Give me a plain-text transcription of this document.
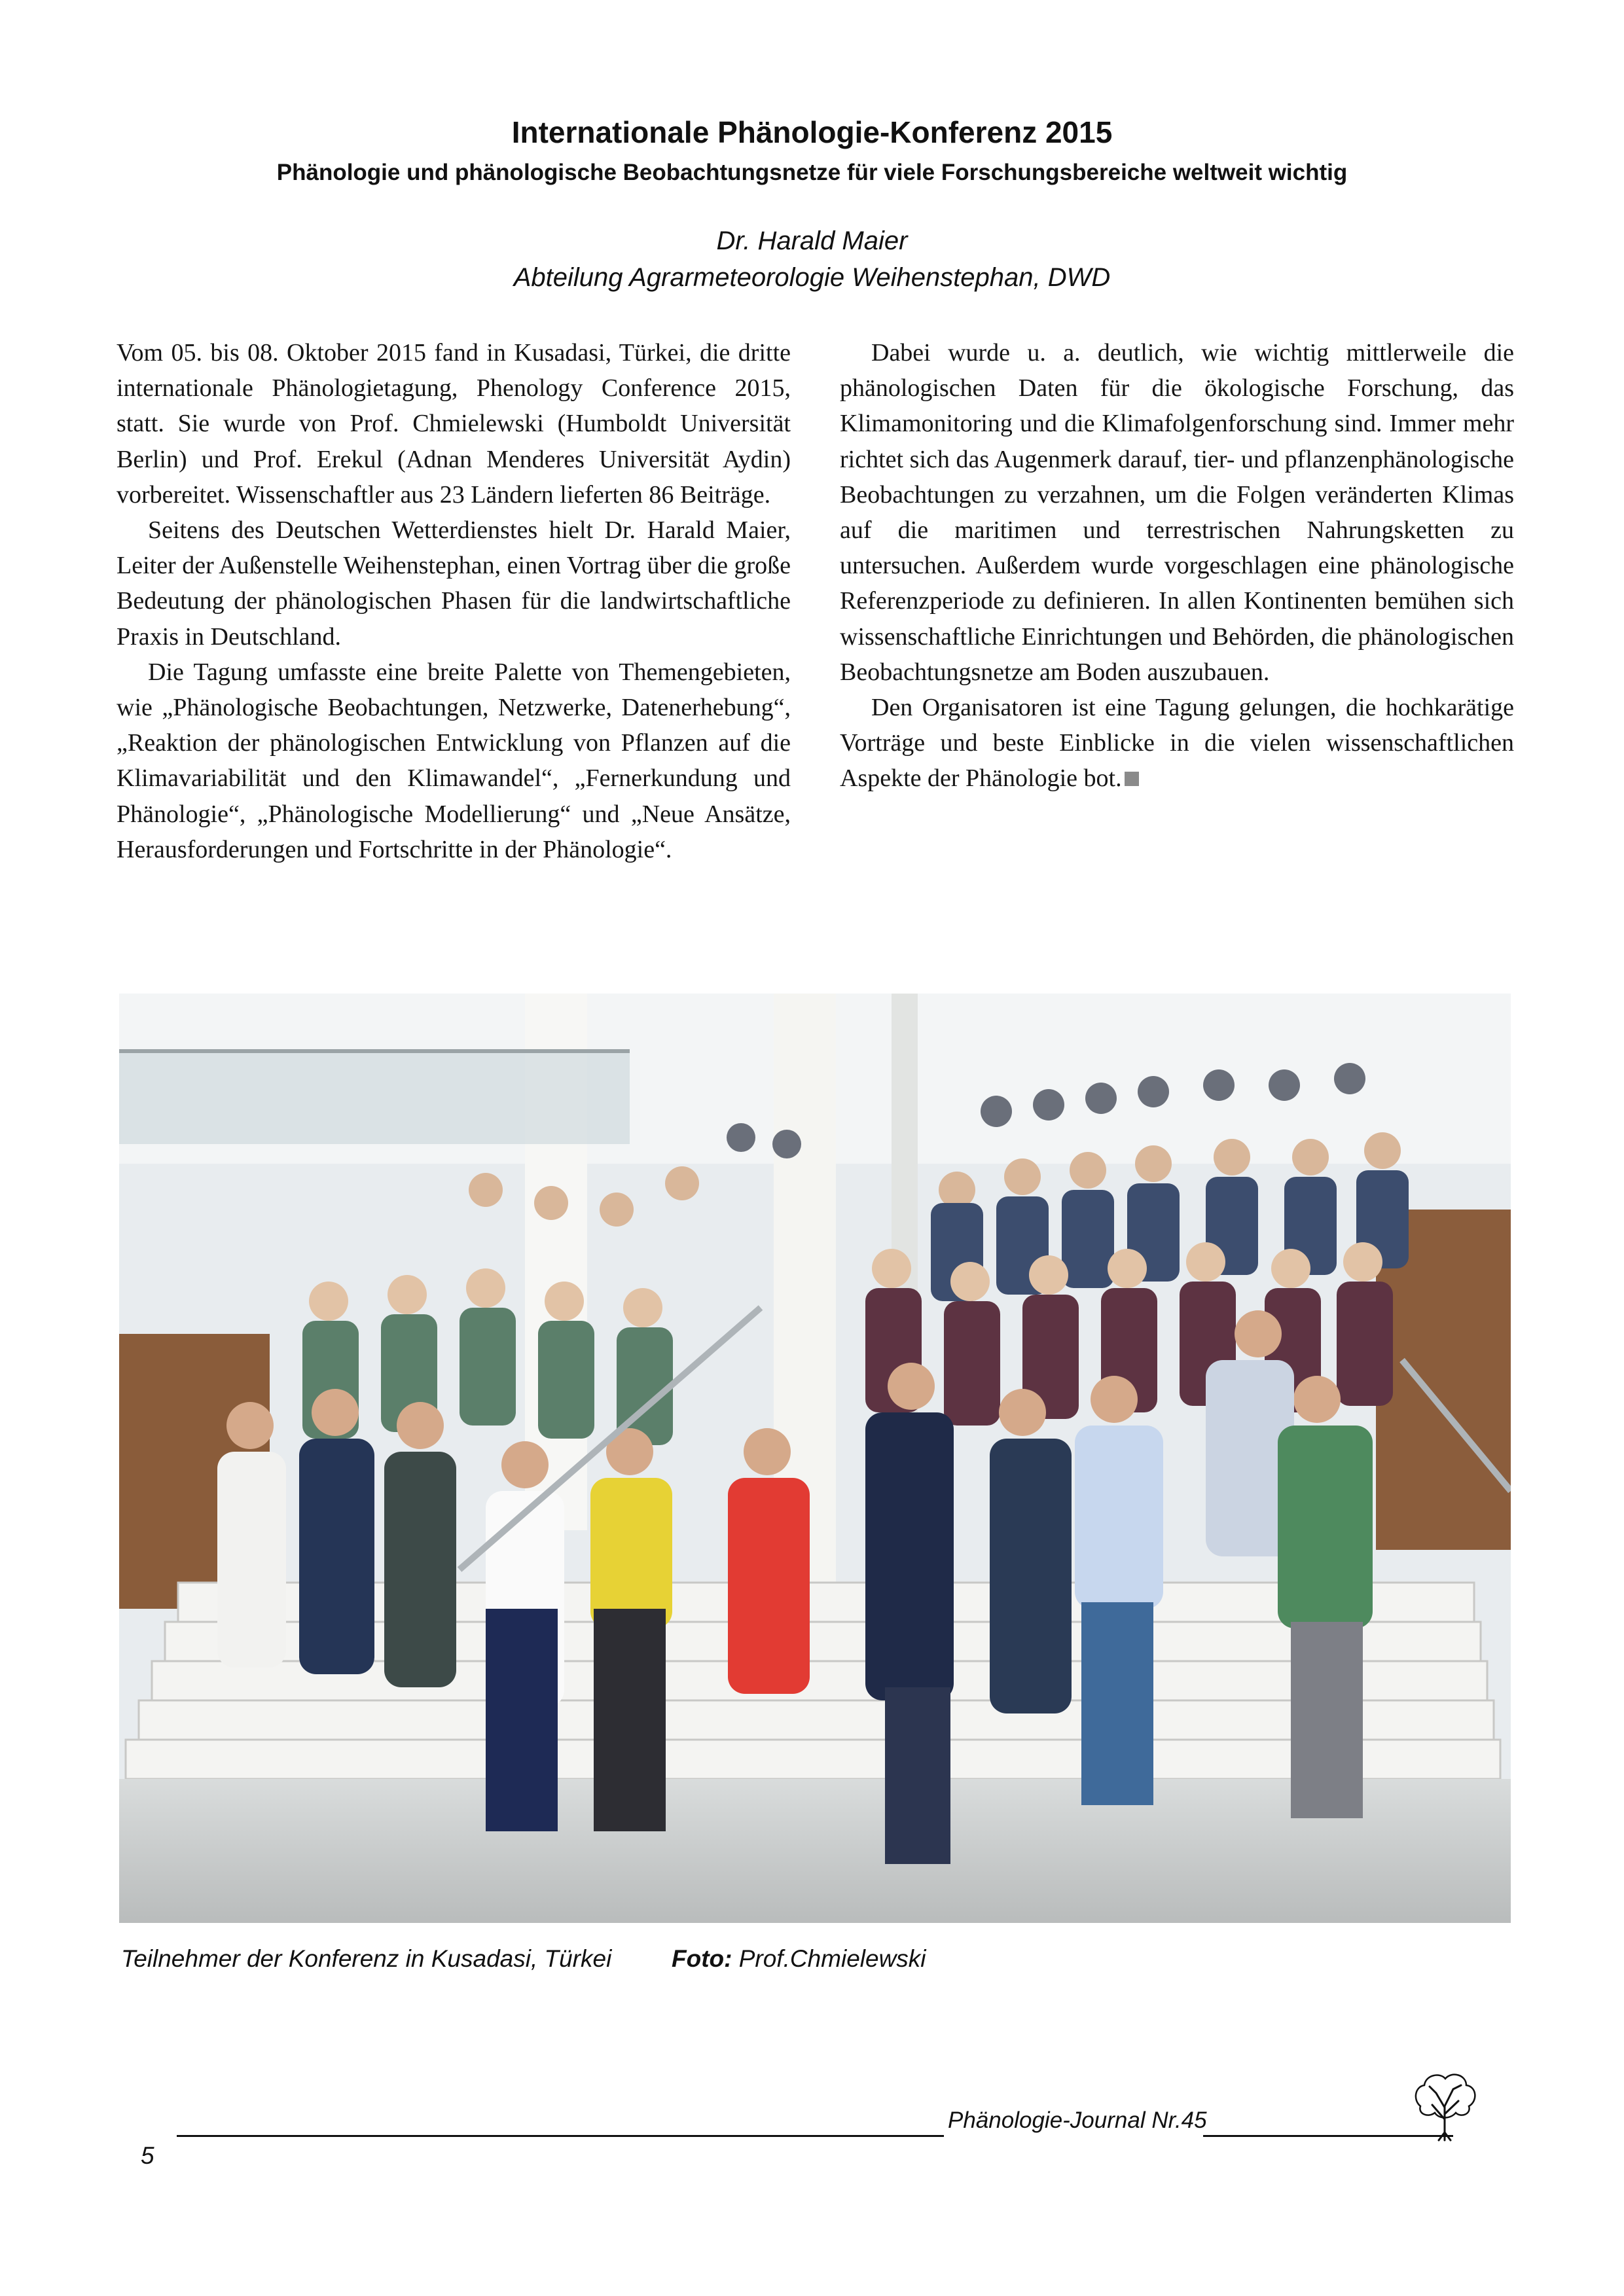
Internationale Phänologie-Konferenz 2015
Phänologie und phänologische Beobachtungsnetze für viele Forschungsbereiche weltweit wichtig
Dr. Harald Maier
Abteilung Agrarmeteorologie Weihenstephan, DWD

Vom 05. bis 08. Oktober 2015 fand in Kusadasi, Türkei, die dritte internationale Phänologietagung, Phenology Conference 2015, statt. Sie wurde von Prof. Chmielewski (Humboldt Universität Berlin) und Prof. Erekul (Adnan Menderes Universität Aydin) vorbereitet. Wissenschaftler aus 23 Ländern lieferten 86 Beiträge.

Seitens des Deutschen Wetterdienstes hielt Dr. Harald Maier, Leiter der Außenstelle Weihenstephan, einen Vortrag über die große Bedeutung der phänologischen Phasen für die landwirtschaftliche Praxis in Deutschland.

Die Tagung umfasste eine breite Palette von Themengebieten, wie „Phänologische Beobachtungen, Netzwerke, Datenerhebung“, „Reaktion der phänologischen Entwicklung von Pflanzen auf die Klimavariabilität und den Klimawandel“, „Fernerkundung und Phänologie“, „Phänologische Modellierung“ und „Neue Ansätze, Herausforderungen und Fortschritte in der Phänologie“.

Dabei wurde u. a. deutlich, wie wichtig mittlerweile die phänologischen Daten für die ökologische Forschung, das Klimamonitoring und die Klimafolgenforschung sind. Immer mehr richtet sich das Augenmerk darauf, tier- und pflanzenphänologische Beobachtungen zu verzahnen, um die Folgen veränderten Klimas auf die maritimen und terrestrischen Nahrungsketten zu untersuchen. Außerdem wurde vorgeschlagen eine phänologische Referenzperiode zu definieren. In allen Kontinenten bemühen sich wissenschaftliche Einrichtungen und Behörden, die phänologischen Beobachtungsnetze am Boden auszubauen.

Den Organisatoren ist eine Tagung gelungen, die hochkarätige Vorträge und beste Einblicke in die vielen wissenschaftlichen Aspekte der Phänologie bot.

Teilnehmer der Konferenz in Kusadasi, Türkei Foto: Prof.Chmielewski
Phänologie-Journal Nr.45
5
